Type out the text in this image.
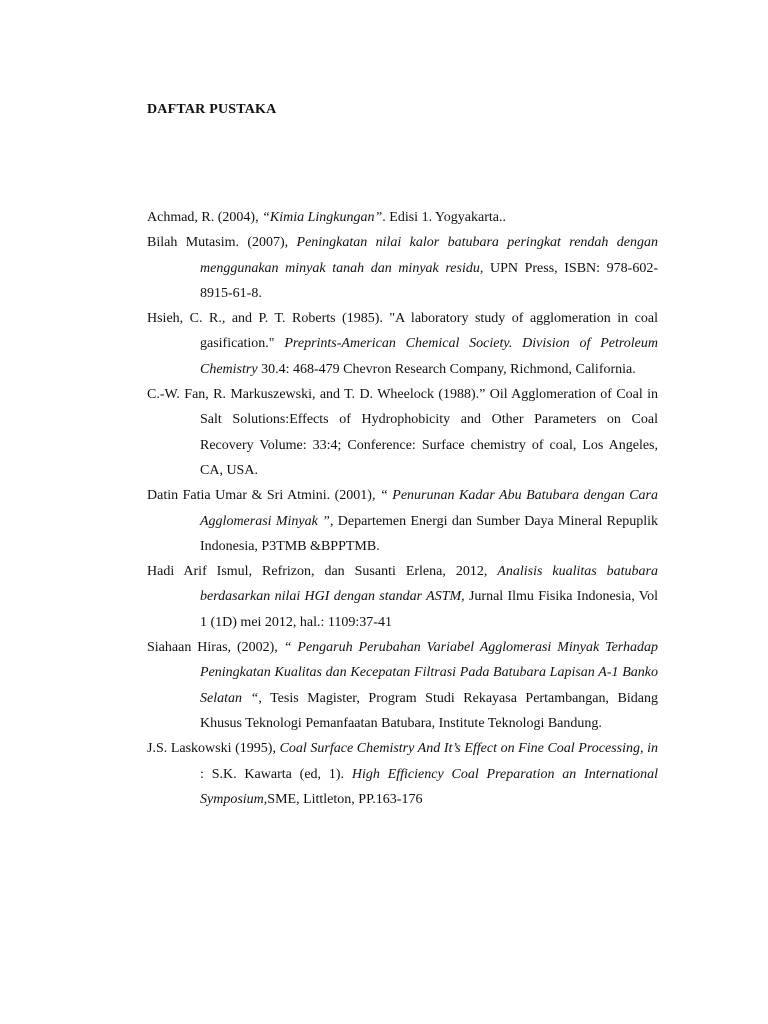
DAFTAR PUSTAKA
Achmad, R. (2004), “Kimia Lingkungan”. Edisi 1. Yogyakarta..
Bilah Mutasim. (2007), Peningkatan nilai kalor batubara peringkat rendah dengan menggunakan minyak tanah dan minyak residu, UPN Press, ISBN: 978-602-8915-61-8.
Hsieh, C. R., and P. T. Roberts (1985). "A laboratory study of agglomeration in coal gasification." Preprints-American Chemical Society. Division of Petroleum Chemistry 30.4: 468-479 Chevron Research Company, Richmond, California.
C.-W. Fan, R. Markuszewski, and T. D. Wheelock (1988).” Oil Agglomeration of Coal in Salt Solutions:Effects of Hydrophobicity and Other Parameters on Coal Recovery Volume: 33:4; Conference: Surface chemistry of coal, Los Angeles, CA, USA.
Datin Fatia Umar & Sri Atmini. (2001), “ Penurunan Kadar Abu Batubara dengan Cara Agglomerasi Minyak ”, Departemen Energi dan Sumber Daya Mineral Repuplik Indonesia, P3TMB &BPPTMB.
Hadi Arif Ismul, Refrizon, dan Susanti Erlena, 2012, Analisis kualitas batubara berdasarkan nilai HGI dengan standar ASTM, Jurnal Ilmu Fisika Indonesia, Vol 1 (1D) mei 2012, hal.: 1109:37-41
Siahaan Hiras, (2002), “ Pengaruh Perubahan Variabel Agglomerasi Minyak Terhadap Peningkatan Kualitas dan Kecepatan Filtrasi Pada Batubara Lapisan A-1 Banko Selatan “, Tesis Magister, Program Studi Rekayasa Pertambangan, Bidang Khusus Teknologi Pemanfaatan Batubara, Institute Teknologi Bandung.
J.S. Laskowski (1995), Coal Surface Chemistry And It’s Effect on Fine Coal Processing, in : S.K. Kawarta (ed, 1). High Efficiency Coal Preparation an International Symposium,SME, Littleton, PP.163-176
